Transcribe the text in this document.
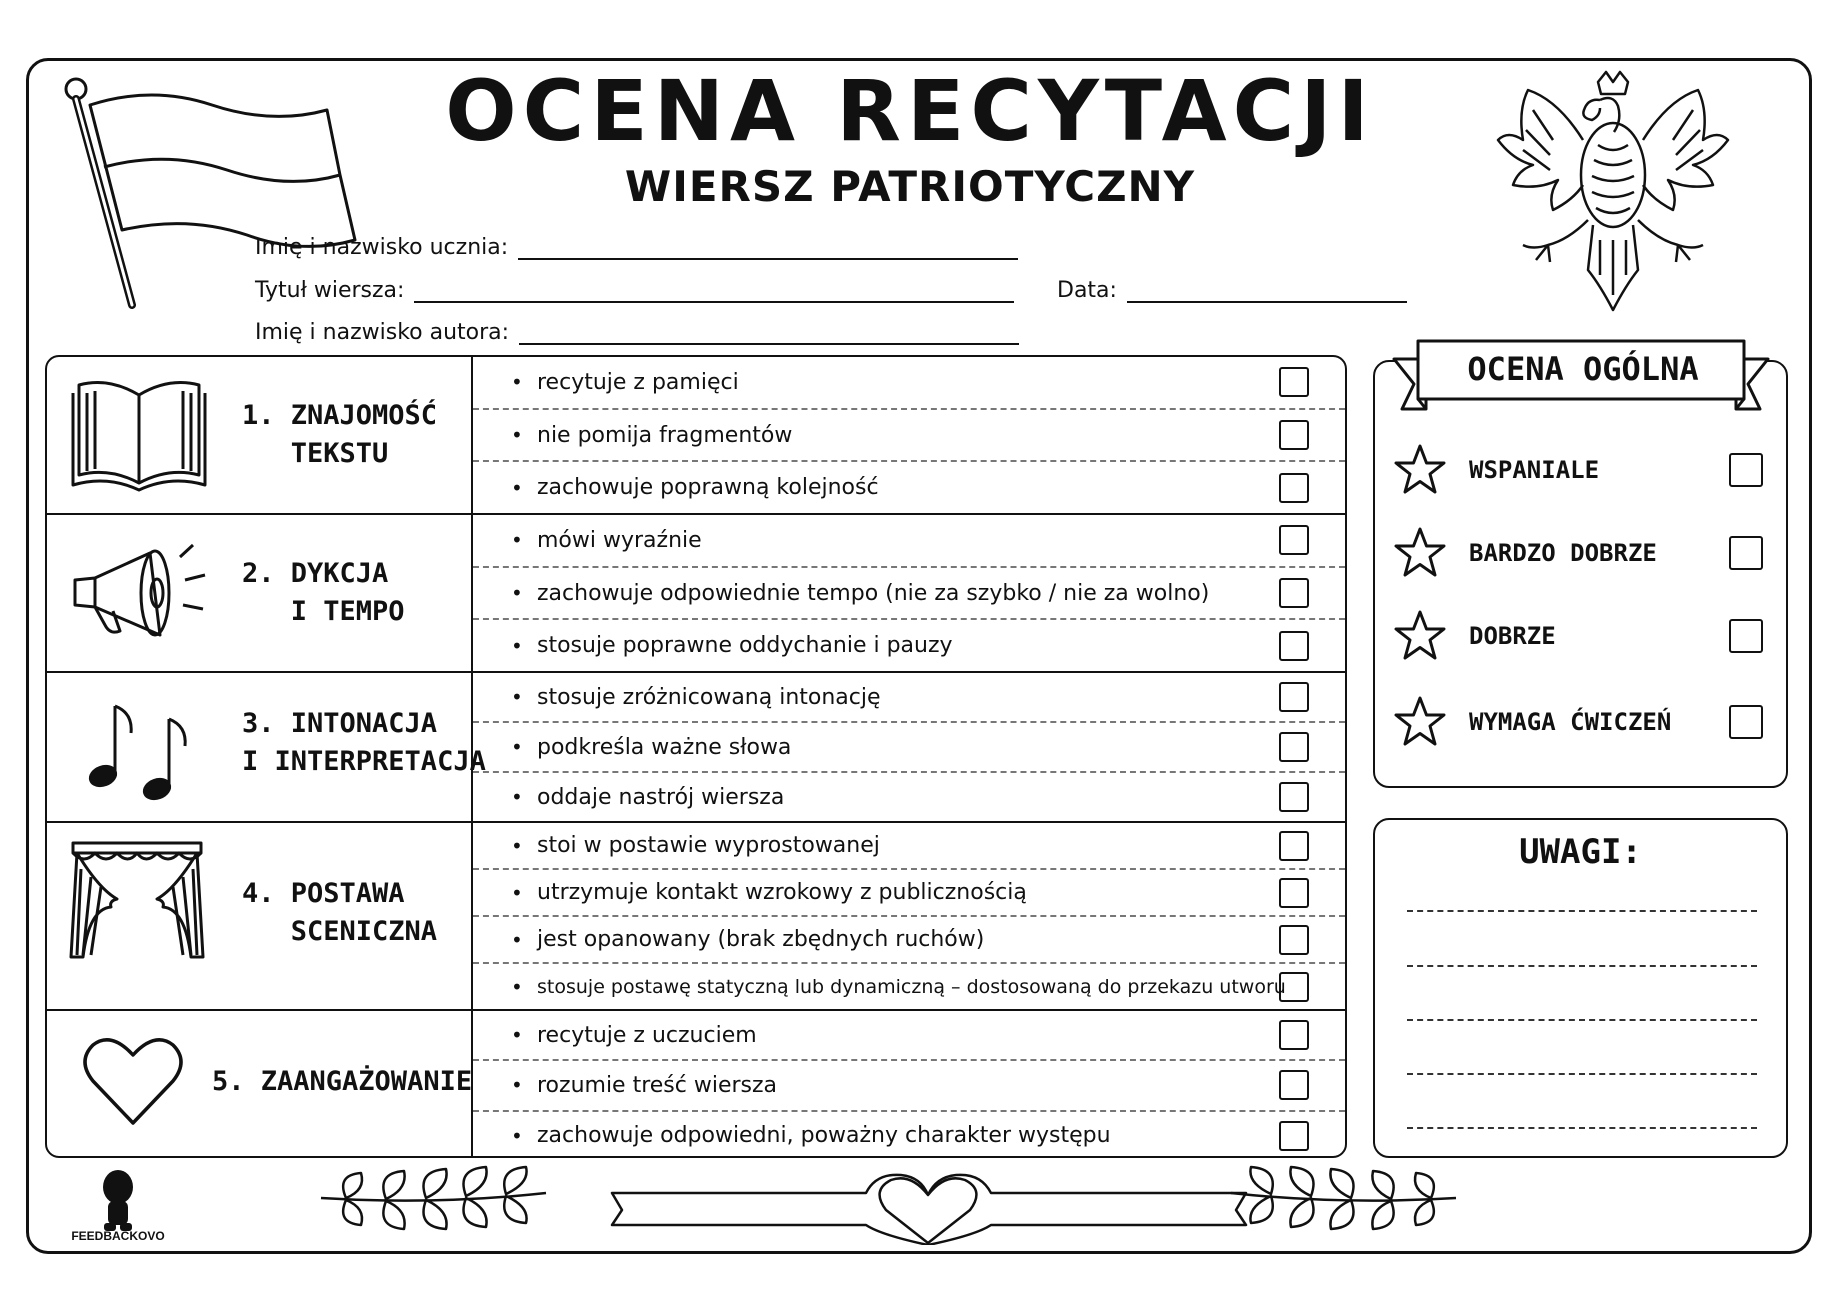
OCENA RECYTACJI
WIERSZ PATRIOTYCZNY
Imię i nazwisko ucznia:
Tytuł wiersza:	Data:
Imię i nazwisko autora:
1. ZNAJOMOŚĆ
TEKSTU
• recytuje z pamięci
• nie pomija fragmentów
• zachowuje poprawną kolejność
2. DYKCJA
I TEMPO
• mówi wyraźnie
• zachowuje odpowiednie tempo (nie za szybko / nie za wolno)
• stosuje poprawne oddychanie i pauzy
3. INTONACJA
I INTERPRETACJA
• stosuje zróżnicowaną intonację
• podkreśla ważne słowa
• oddaje nastrój wiersza
4. POSTAWA
SCENICZNA
• stoi w postawie wyprostowanej
• utrzymuje kontakt wzrokowy z publicznością
• jest opanowany (brak zbędnych ruchów)
• stosuje postawę statyczną lub dynamiczną – dostosowaną do przekazu utworu
5. ZAANGAŻOWANIE
• recytuje z uczuciem
• rozumie treść wiersza
• zachowuje odpowiedni, poważny charakter występu
OCENA OGÓLNA
WSPANIALE
BARDZO DOBRZE
DOBRZE
WYMAGA ĆWICZEŃ
UWAGI:
FEEDBACKOVO
